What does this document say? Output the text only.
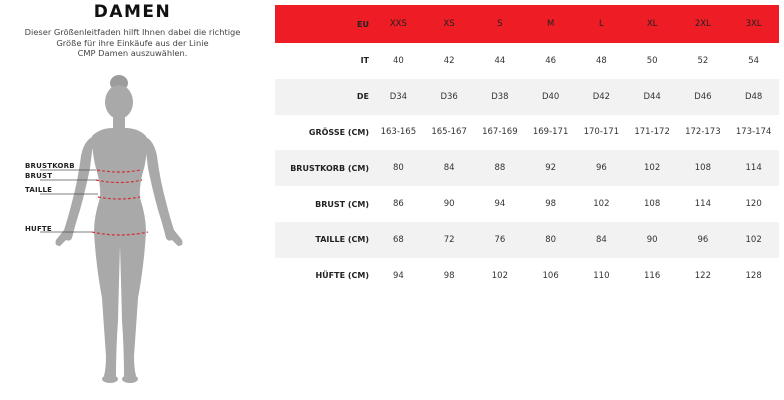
DAMEN
Dieser Größenleitfaden hilft Ihnen dabei die richtige
Größe für ihre Einkäufe aus der Linie
CMP Damen auszuwählen.
BRUSTKORB
BRUST
TAILLE
HUFTE
EU	XXS	XS	S	M	L	XL	2XL	3XL
IT	40	42	44	46	48	50	52	54
DE	D34	D36	D38	D40	D42	D44	D46	D48
GRÖSSE (CM)	163-165	165-167	167-169	169-171	170-171	171-172	172-173	173-174
BRUSTKORB (CM)	80	84	88	92	96	102	108	114
BRUST (CM)	86	90	94	98	102	108	114	120
TAILLE (CM)	68	72	76	80	84	90	96	102
HÜFTE (CM)	94	98	102	106	110	116	122	128
